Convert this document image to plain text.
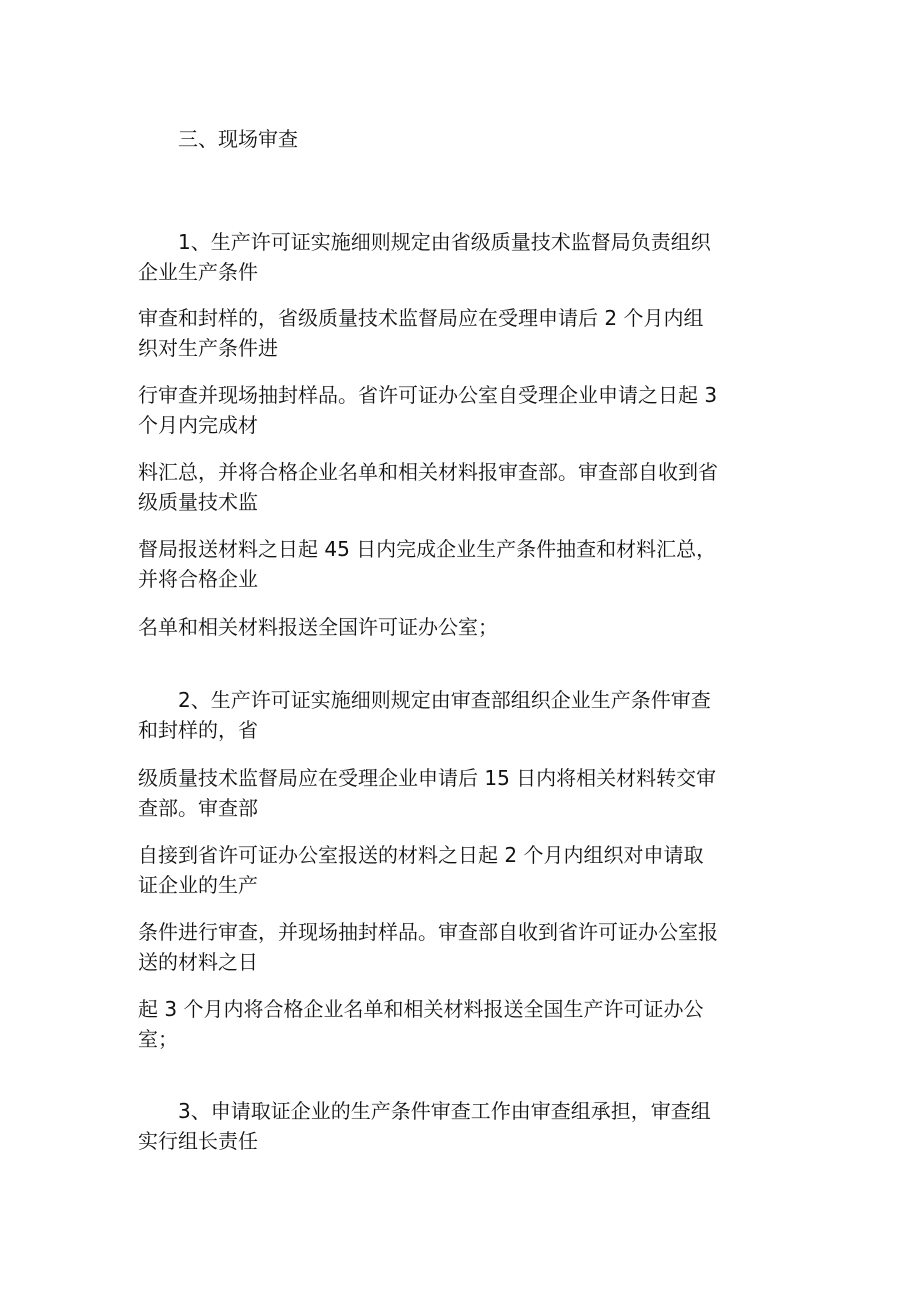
三、现场审查

1、生产许可证实施细则规定由省级质量技术监督局负责组织企业生产条件

审查和封样的，省级质量技术监督局应在受理申请后 2 个月内组织对生产条件进

行审查并现场抽封样品。省许可证办公室自受理企业申请之日起 3 个月内完成材

料汇总，并将合格企业名单和相关材料报审查部。审查部自收到省级质量技术监

督局报送材料之日起 45 日内完成企业生产条件抽查和材料汇总，并将合格企业

名单和相关材料报送全国许可证办公室；

2、生产许可证实施细则规定由审查部组织企业生产条件审查和封样的，省

级质量技术监督局应在受理企业申请后 15 日内将相关材料转交审查部。审查部

自接到省许可证办公室报送的材料之日起 2 个月内组织对申请取证企业的生产

条件进行审查，并现场抽封样品。审查部自收到省许可证办公室报送的材料之日

起 3 个月内将合格企业名单和相关材料报送全国生产许可证办公室；

3、申请取证企业的生产条件审查工作由审查组承担，审查组实行组长责任
